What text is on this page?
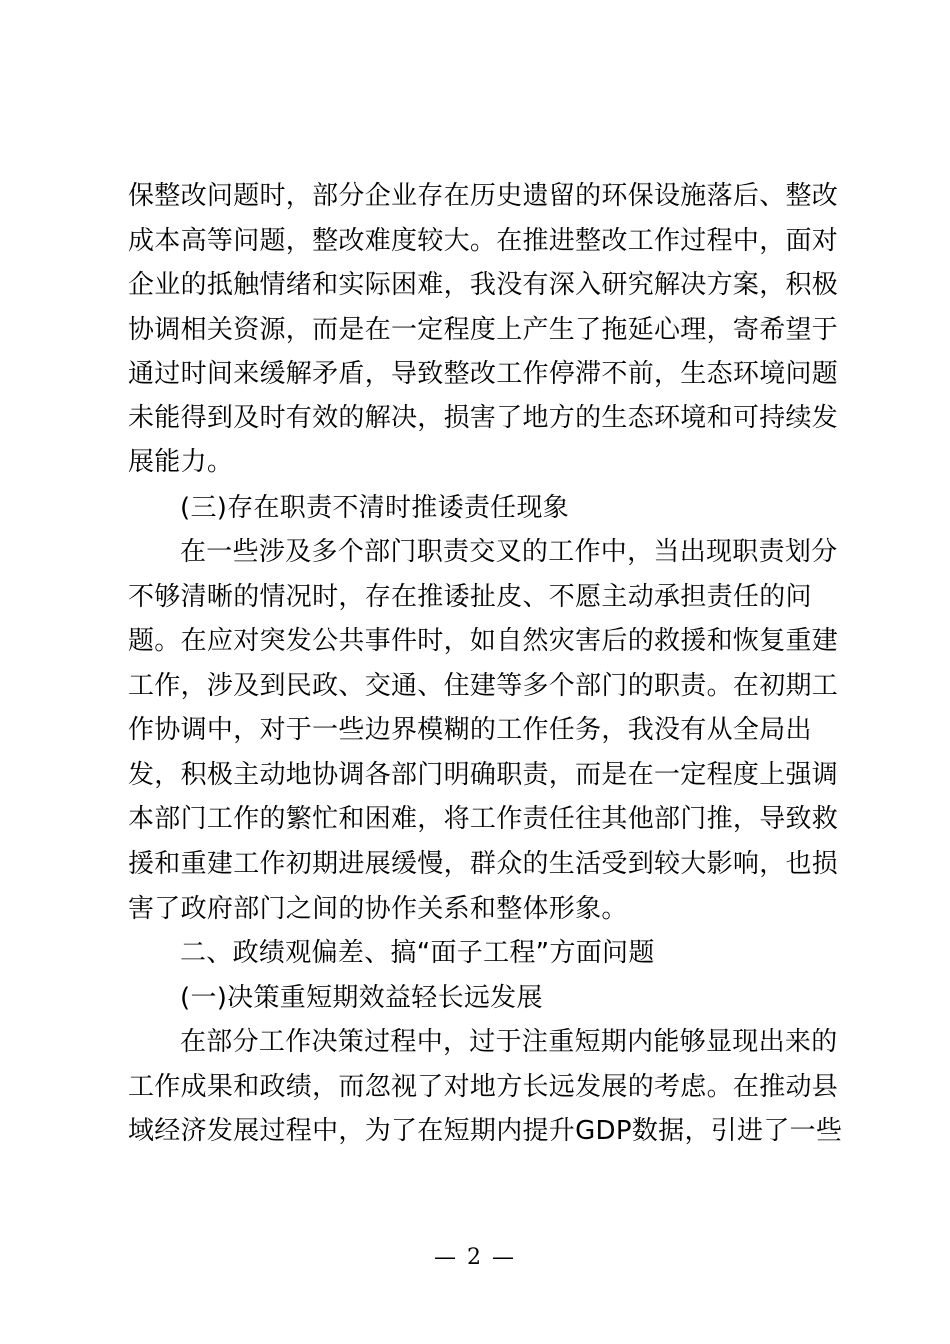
保整改问题时，部分企业存在历史遗留的环保设施落后、整改
成本高等问题，整改难度较大。在推进整改工作过程中，面对
企业的抵触情绪和实际困难，我没有深入研究解决方案，积极
协调相关资源，而是在一定程度上产生了拖延心理，寄希望于
通过时间来缓解矛盾，导致整改工作停滞不前，生态环境问题
未能得到及时有效的解决，损害了地方的生态环境和可持续发
展能力。
(三)存在职责不清时推诿责任现象
在一些涉及多个部门职责交叉的工作中，当出现职责划分
不够清晰的情况时，存在推诿扯皮、不愿主动承担责任的问
题。在应对突发公共事件时，如自然灾害后的救援和恢复重建
工作，涉及到民政、交通、住建等多个部门的职责。在初期工
作协调中，对于一些边界模糊的工作任务，我没有从全局出
发，积极主动地协调各部门明确职责，而是在一定程度上强调
本部门工作的繁忙和困难，将工作责任往其他部门推，导致救
援和重建工作初期进展缓慢，群众的生活受到较大影响，也损
害了政府部门之间的协作关系和整体形象。
二、政绩观偏差、搞“面子工程”方面问题
(一)决策重短期效益轻长远发展
在部分工作决策过程中，过于注重短期内能够显现出来的
工作成果和政绩，而忽视了对地方长远发展的考虑。在推动县
域经济发展过程中，为了在短期内提升GDP数据，引进了一些
— 2 —
